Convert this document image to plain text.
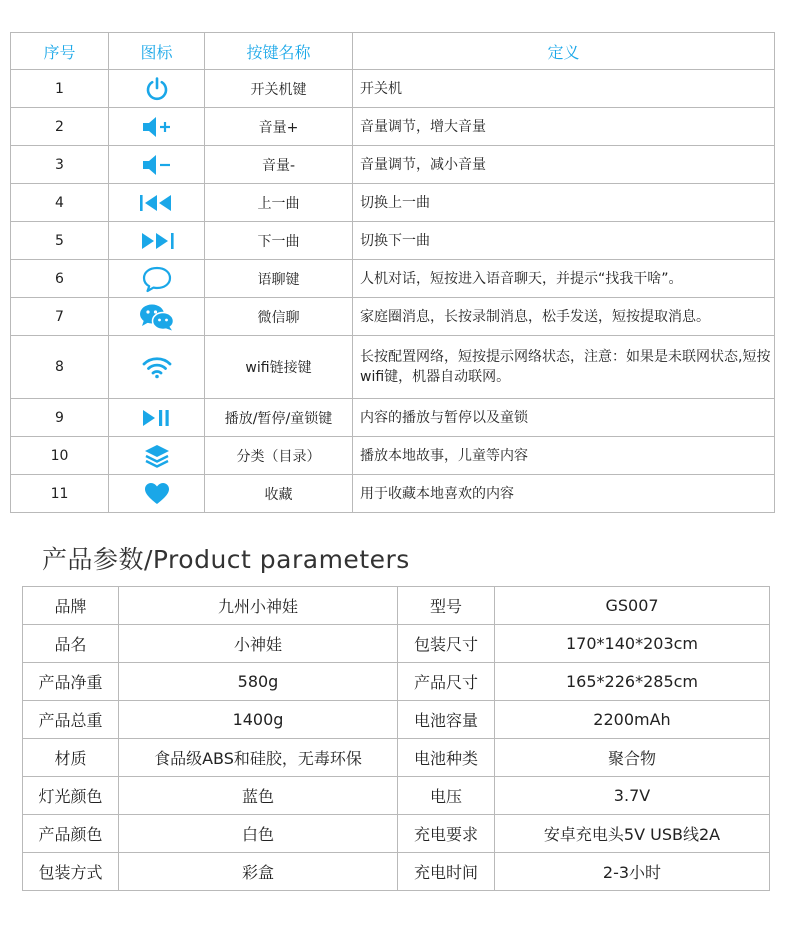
序号	图标	按键名称	定义
1		开关机键	开关机
2		音量+	音量调节，增大音量
3		音量-	音量调节，减小音量
4		上一曲	切换上一曲
5		下一曲	切换下一曲
6		语聊键	人机对话，短按进入语音聊天，并提示“找我干啥”。
7		微信聊	家庭圈消息，长按录制消息，松手发送，短按提取消息。
8		wifi链接键	长按配置网络，短按提示网络状态，注意：如果是未联网状态,短按wifi键，机器自动联网。
9		播放/暂停/童锁键	内容的播放与暂停以及童锁
10		分类（目录）	播放本地故事，儿童等内容
11		收藏	用于收藏本地喜欢的内容
产品参数/Product parameters
品牌	九州小神娃	型号	GS007
品名	小神娃	包装尺寸	170*140*203cm
产品净重	580g	产品尺寸	165*226*285cm
产品总重	1400g	电池容量	2200mAh
材质	食品级ABS和硅胶，无毒环保	电池种类	聚合物
灯光颜色	蓝色	电压	3.7V
产品颜色	白色	充电要求	安卓充电头5V USB线2A
包装方式	彩盒	充电时间	2-3小时
